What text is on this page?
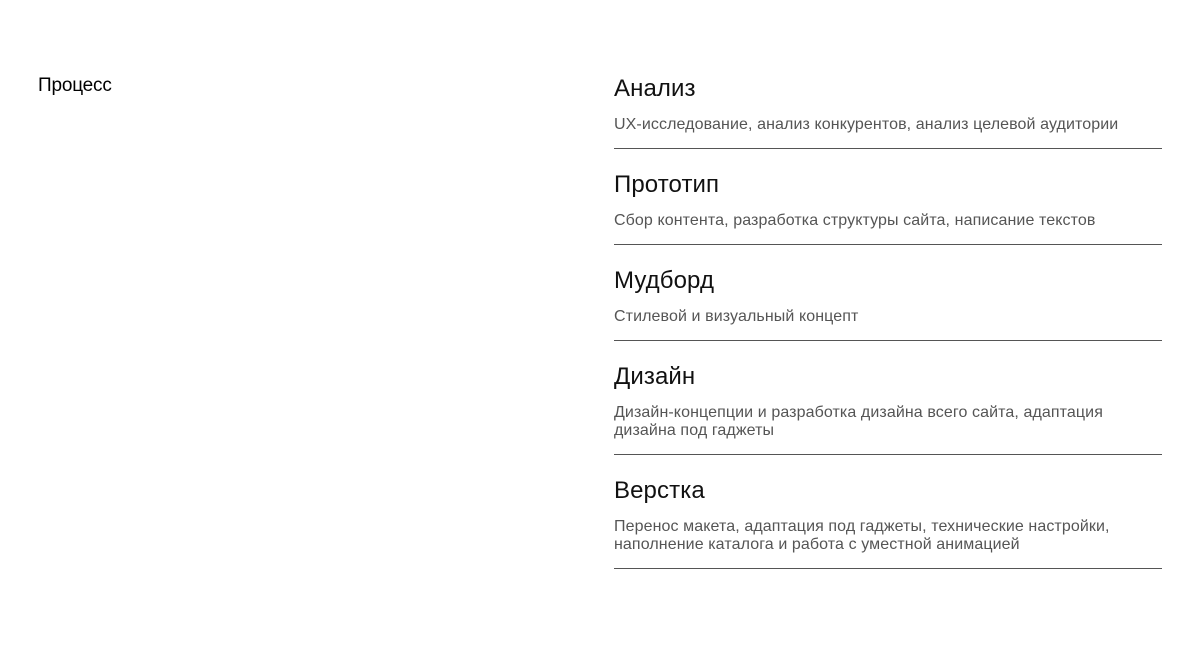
Процесс	Анализ

UX-исследование, анализ конкурентов, анализ целевой аудитории

Прототип

Сбор контента, разработка структуры сайта, написание текстов

Мудборд

Стилевой и визуальный концепт

Дизайн

Дизайн-концепции и разработка дизайна всего сайта, адаптация дизайна под гаджеты

Верстка

Перенос макета, адаптация под гаджеты, технические настройки, наполнение каталога и работа с уместной анимацией
